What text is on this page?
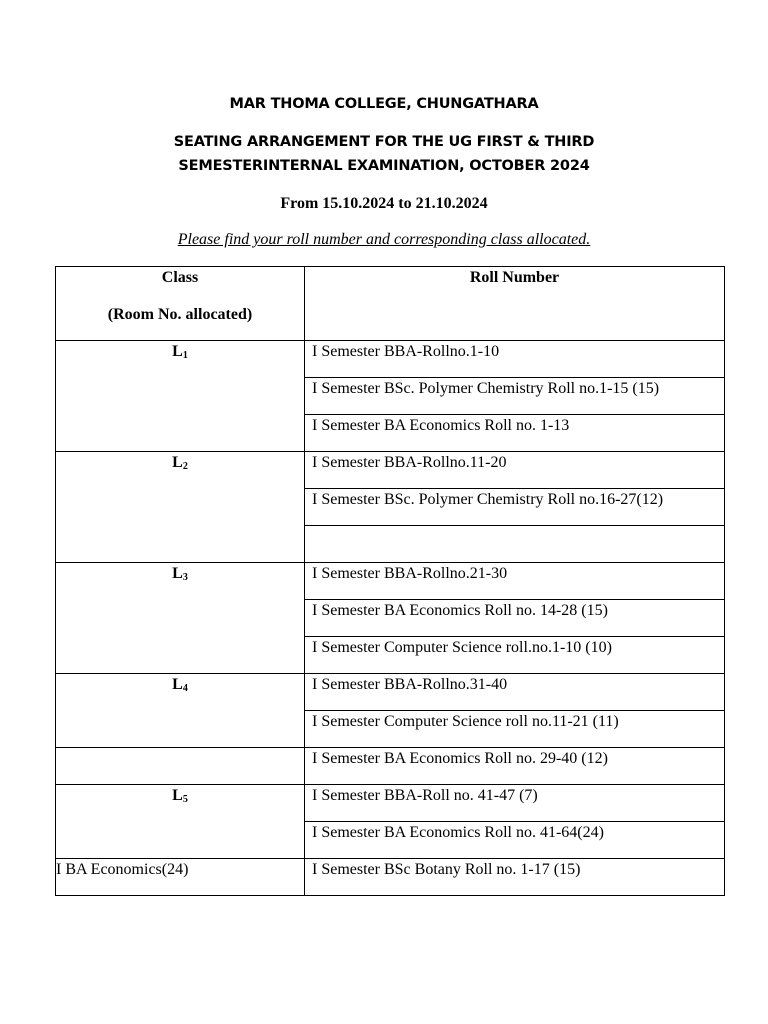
MAR THOMA COLLEGE, CHUNGATHARA
SEATING ARRANGEMENT FOR THE UG FIRST & THIRD
SEMESTERINTERNAL EXAMINATION, OCTOBER 2024
From 15.10.2024 to 21.10.2024
Please find your roll number and corresponding class allocated.
Class
(Room No. allocated)	Roll Number

$L_1$	I Semester BBA-Rollno.1-10
	I Semester BSc. Polymer Chemistry Roll no.1-15 (15)
	I Semester BA Economics Roll no. 1-13
$L_2$	I Semester BBA-Rollno.11-20
	I Semester BSc. Polymer Chemistry Roll no.16-27(12)

$L_3$	I Semester BBA-Rollno.21-30
	I Semester BA Economics Roll no. 14-28 (15)
	I Semester Computer Science roll.no.1-10 (10)
$L_4$	I Semester BBA-Rollno.31-40
	I Semester Computer Science roll no.11-21 (11)
	I Semester BA Economics Roll no. 29-40 (12)
$L_5$	I Semester BBA-Roll no. 41-47 (7)
	I Semester BA Economics Roll no. 41-64(24)
I BA Economics(24)	I Semester BSc Botany Roll no. 1-17 (15)
